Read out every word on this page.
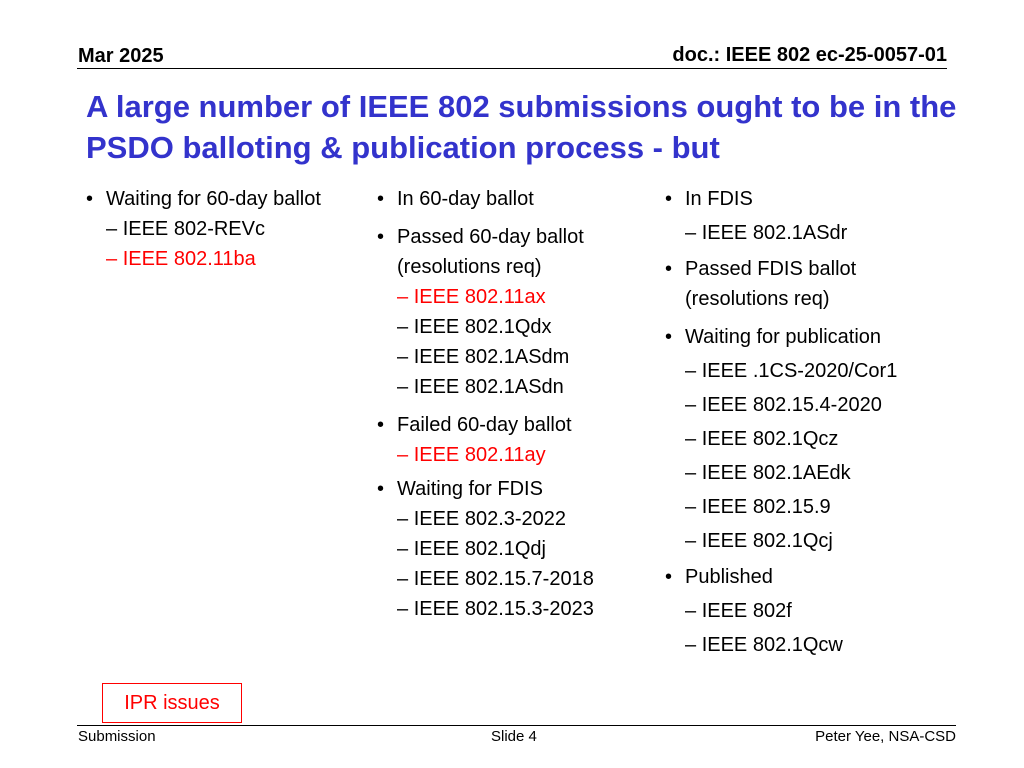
Mar 2025	doc.: IEEE 802 ec-25-0057-01
A large number of IEEE 802 submissions ought to be in the PSDO balloting & publication process - but
• Waiting for 60-day ballot
– IEEE 802-REVc
– IEEE 802.11ba
• In 60-day ballot
• Passed 60-day ballot (resolutions req)
– IEEE 802.11ax
– IEEE 802.1Qdx
– IEEE 802.1ASdm
– IEEE 802.1ASdn
• Failed 60-day ballot
– IEEE 802.11ay
• Waiting for FDIS
– IEEE 802.3-2022
– IEEE 802.1Qdj
– IEEE 802.15.7-2018
– IEEE 802.15.3-2023
• In FDIS
– IEEE 802.1ASdr
• Passed FDIS ballot (resolutions req)
• Waiting for publication
– IEEE .1CS-2020/Cor1
– IEEE 802.15.4-2020
– IEEE 802.1Qcz
– IEEE 802.1AEdk
– IEEE 802.15.9
– IEEE 802.1Qcj
• Published
– IEEE 802f
– IEEE 802.1Qcw
IPR issues
Submission	Slide 4	Peter Yee, NSA-CSD
